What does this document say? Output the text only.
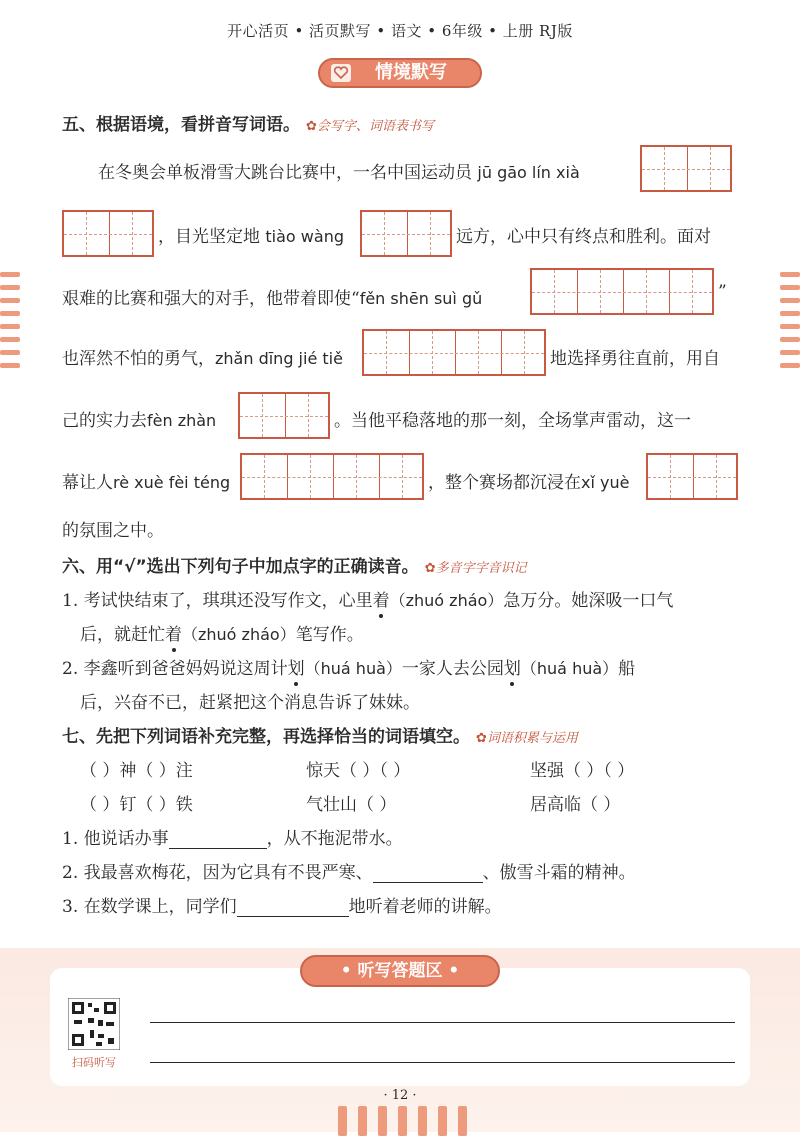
开心活页 • 活页默写 • 语文 • 6年级 • 上册 RJ版
情境默写
五、根据语境，看拼音写词语。 ✿会写字、词语表书写
在冬奥会单板滑雪大跳台比赛中，一名中国运动员 jū gāo lín xià
，目光坚定地 tiào wàng	远方，心中只有终点和胜利。面对
艰难的比赛和强大的对手，他带着即使“fěn shēn suì gǔ	”
也浑然不怕的勇气，zhǎn dīng jié tiě	地选择勇往直前，用自
己的实力去fèn zhàn	。当他平稳落地的那一刻，全场掌声雷动，这一
幕让人rè xuè fèi téng	，整个赛场都沉浸在xǐ yuè
的氛围之中。
六、用“√”选出下列句子中加点字的正确读音。 ✿多音字字音识记
1. 考试快结束了，琪琪还没写作文，心里着（zhuó zháo）急万分。她深吸一口气
后，就赶忙着（zhuó zháo）笔写作。
2. 李鑫听到爸爸妈妈说这周计划（huá huà）一家人去公园划（huá huà）船
后，兴奋不已，赶紧把这个消息告诉了妹妹。
七、先把下列词语补充完整，再选择恰当的词语填空。 ✿词语积累与运用
（ ）神（ ）注	惊天（ ）（ ）	坚强（ ）（ ）
（ ）钉（ ）铁	气壮山（ ）	居高临（ ）
1. 他说话办事	，从不拖泥带水。
2. 我最喜欢梅花，因为它具有不畏严寒、	、傲雪斗霜的精神。
3. 在数学课上，同学们	地听着老师的讲解。
• 听写答题区 •
扫码听写
· 12 ·
